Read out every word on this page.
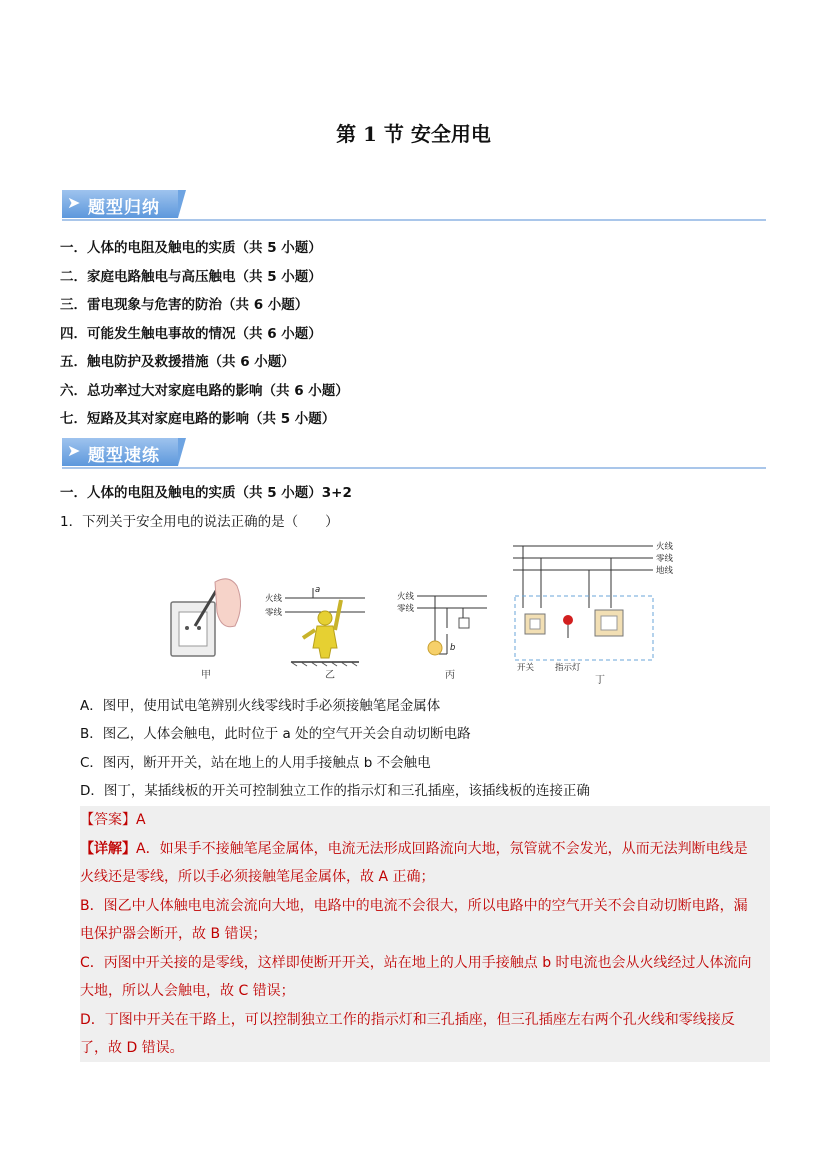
第 1 节 安全用电
➤ 题型归纳
一．人体的电阻及触电的实质（共 5 小题）
二．家庭电路触电与高压触电（共 5 小题）
三．雷电现象与危害的防治（共 6 小题）
四．可能发生触电事故的情况（共 6 小题）
五．触电防护及救援措施（共 6 小题）
六．总功率过大对家庭电路的影响（共 6 小题）
七．短路及其对家庭电路的影响（共 5 小题）
➤ 题型速练
一．人体的电阻及触电的实质（共 5 小题）3+2
1．下列关于安全用电的说法正确的是（　　）
甲
火线
零线
a
乙
火线
零线
b
丙
火线
零线
地线
开关 指示灯
丁
A．图甲，使用试电笔辨别火线零线时手必须接触笔尾金属体
B．图乙，人体会触电，此时位于 a 处的空气开关会自动切断电路
C．图丙，断开开关，站在地上的人用手接触点 b 不会触电
D．图丁，某插线板的开关可控制独立工作的指示灯和三孔插座，该插线板的连接正确

【答案】A

【详解】A．如果手不接触笔尾金属体，电流无法形成回路流向大地，氖管就不会发光，从而无法判断电线是

火线还是零线，所以手必须接触笔尾金属体，故 A 正确；

B．图乙中人体触电电流会流向大地，电路中的电流不会很大，所以电路中的空气开关不会自动切断电路，漏

电保护器会断开，故 B 错误；

C．丙图中开关接的是零线，这样即使断开开关，站在地上的人用手接触点 b 时电流也会从火线经过人体流向

大地，所以人会触电，故 C 错误；

D．丁图中开关在干路上，可以控制独立工作的指示灯和三孔插座，但三孔插座左右两个孔火线和零线接反

了，故 D 错误。
